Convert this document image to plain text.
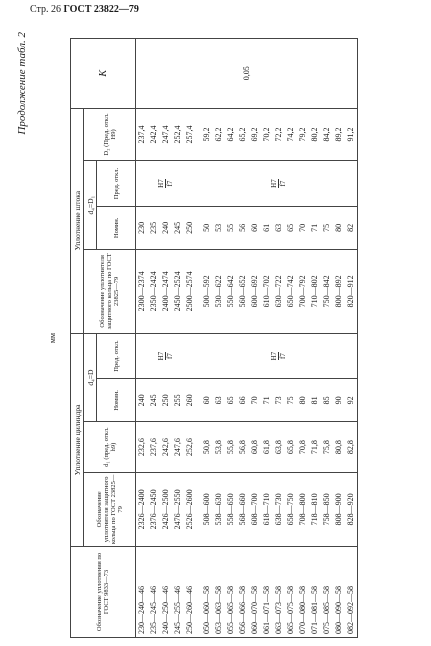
Стр. 26 ГОСТ 23822—79
Продолжение табл. 2
мм
Обозначение уплотнения по ГОСТ 9833—73	Уплотнение цилиндра				Уплотнение штока				K
	Обозначение уплотнителя защитного кольца по ГОСТ 23825—79	d₁ (пред. откл. h9)	d₄=D		Обозначение уплотнителя защитного кольца по ГОСТ 23825—79	d₄=D₁		D₂ (Пред. откл. H9)	
			Номин.	Пред. откл.		Номин.	Пред. откл.		
230—240—46	2326—2400	232,6	240	H7 f7	2300—2374	230	H7 f7	237,4	0,05
235—245—46	2376—2450	237,6	245		2350—2424	235		242,4	
240—250—46	2426—2500	242,6	250		2400—2474	240		247,4	
245—255—46	2476—2550	247,6	255		2450—2524	245		252,4	
250—260—46	2526—2600	252,6	260		2500—2574	250		257,4	
050—060—58	508—600	50,8	60	H7 f7	500—592	50	H7 f7	59,2	
053—063—58	538—630	53,8	63		530—622	53		62,2	
055—065—58	558—650	55,8	65		550—642	55		64,2	
056—066—58	568—660	56,8	66		560—652	56		65,2	
060—070—58	608—700	60,8	70		600—692	60		69,2	
061—071—58	618—710	61,8	71		610—702	61		70,2	
063—073—58	638—730	63,8	73		630—722	63		72,2	
065—075—58	658—750	65,8	75		650—742	65		74,2	
070—080—58	708—800	70,8	80		700—792	70		79,2	
071—081—58	718—810	71,8	81		710—802	71		80,2	
075—085—58	758—850	75,8	85		750—842	75		84,2	
080—090—58	808—900	80,8	90		800—892	80		89,2	
082—092—58	828—920	82,8	92		820—912	82		91,2	
